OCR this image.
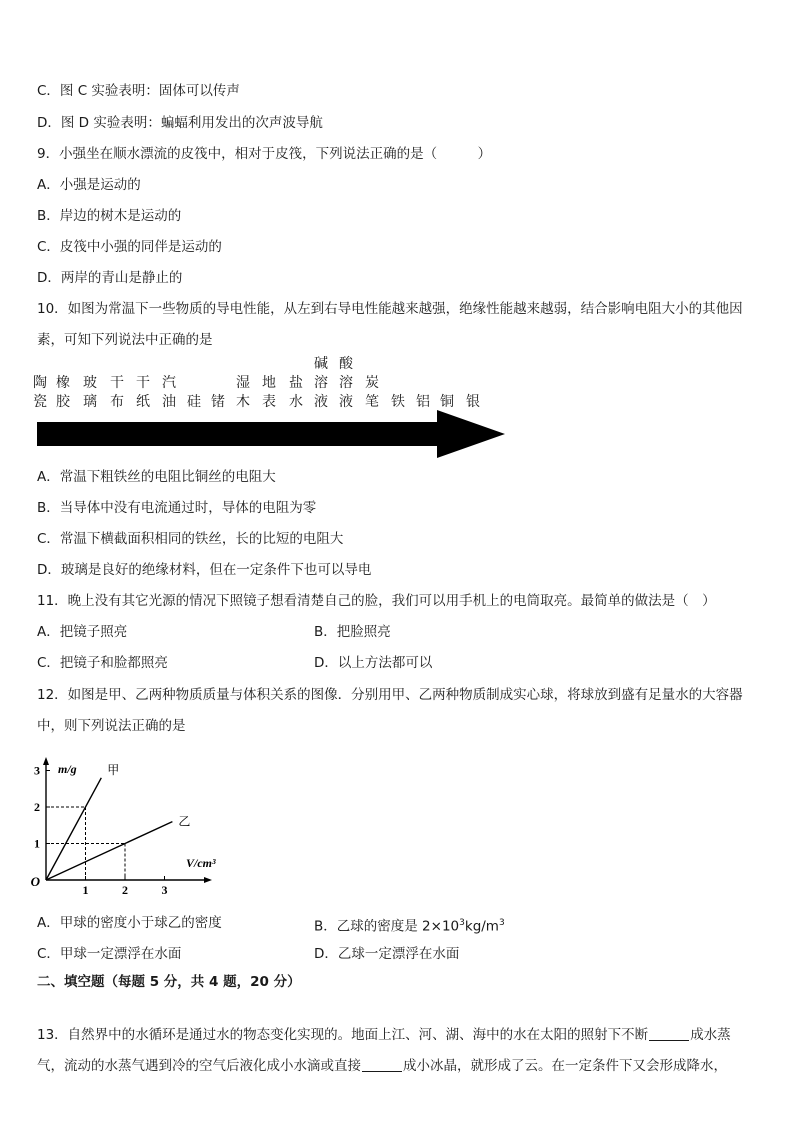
C．图 C 实验表明：固体可以传声
D．图 D 实验表明：蝙蝠利用发出的次声波导航
9．小强坐在顺水漂流的皮筏中，相对于皮筏，下列说法正确的是（　　　）
A．小强是运动的
B．岸边的树木是运动的
C．皮筏中小强的同伴是运动的
D．两岸的青山是静止的
10．如图为常温下一些物质的导电性能，从左到右导电性能越来越强，绝缘性能越来越弱，结合影响电阻大小的其他因素，可知下列说法中正确的是
陶
瓷
橡
胶
玻
璃
干
布
干
纸
汽
油 硅 锗
湿
木
地
表
盐
水
碱
溶
液
酸
溶
液
炭
笔 铁 铝 铜 银
A．常温下粗铁丝的电阻比铜丝的电阻大
B．当导体中没有电流通过时，导体的电阻为零
C．常温下横截面积相同的铁丝，长的比短的电阻大
D．玻璃是良好的绝缘材料，但在一定条件下也可以导电
11．晚上没有其它光源的情况下照镜子想看清楚自己的脸，我们可以用手机上的电筒取亮。最简单的做法是（　）
A．把镜子照亮	B．把脸照亮
C．把镜子和脸都照亮	D．以上方法都可以
12．如图是甲、乙两种物质质量与体积关系的图像．分别用甲、乙两种物质制成实心球，将球放到盛有足量水的大容器中，则下列说法正确的是
1	2	3
1
2
3
O
m/g
V/cm³
甲
乙
A．甲球的密度小于球乙的密度	B．乙球的密度是 $2\times 10^3kg/m^3$
C．甲球一定漂浮在水面	D．乙球一定漂浮在水面
二、填空题（每题 5 分，共 4 题，20 分）
13．自然界中的水循环是通过水的物态变化实现的。地面上江、河、湖、海中的水在太阳的照射下不断	成水蒸气，流动的水蒸气遇到冷的空气后液化成小水滴或直接	成小冰晶，就形成了云。在一定条件下又会形成降水，
